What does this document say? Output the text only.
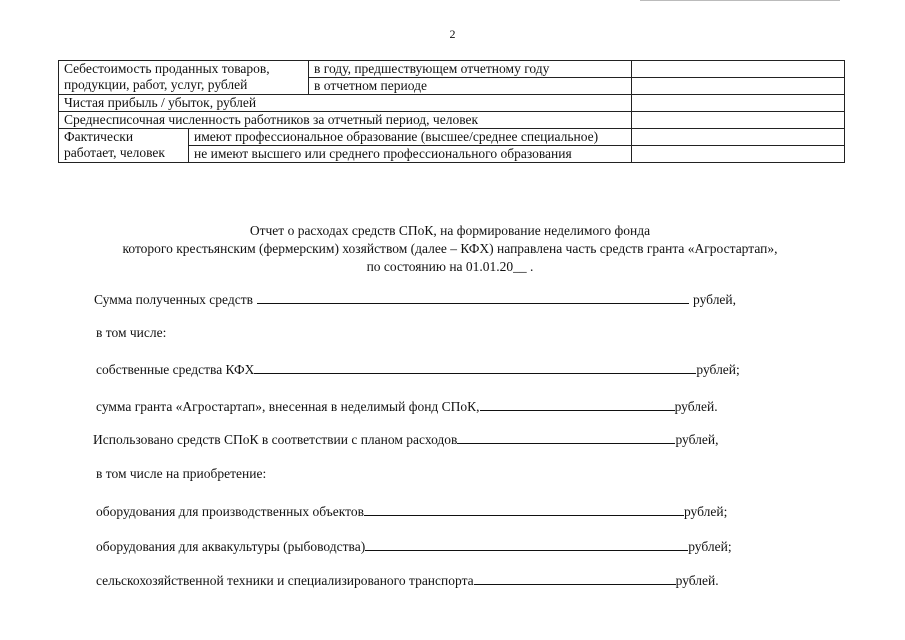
2
Себестоимость проданных товаров, продукции, работ, услуг, рублей		в году, предшествующем отчетному году	
		в отчетном периоде	
Чистая прибыль / убыток, рублей			
Среднесписочная численность работников за отчетный период, человек			
Фактически работает, человек	имеют профессиональное образование (высшее/среднее специальное)		
	не имеют высшего или среднего профессионального образования		
Отчет о расходах средств СПоК, на формирование неделимого фонда
которого крестьянским (фермерским) хозяйством (далее – КФХ) направлена часть средств гранта «Агростартап»,
по состоянию на 01.01.20__ .
Сумма полученных средств	рублей,
в том числе:
собственные средства КФХ	рублей;
сумма гранта «Агростартап», внесенная в неделимый фонд СПоК,	рублей.
Использовано средств СПоК в соответствии с планом расходов	рублей,
в том числе на приобретение:
оборудования для производственных объектов	рублей;
оборудования для аквакультуры (рыбоводства)	рублей;
сельскохозяйственной техники и специализированого транспорта	рублей.
